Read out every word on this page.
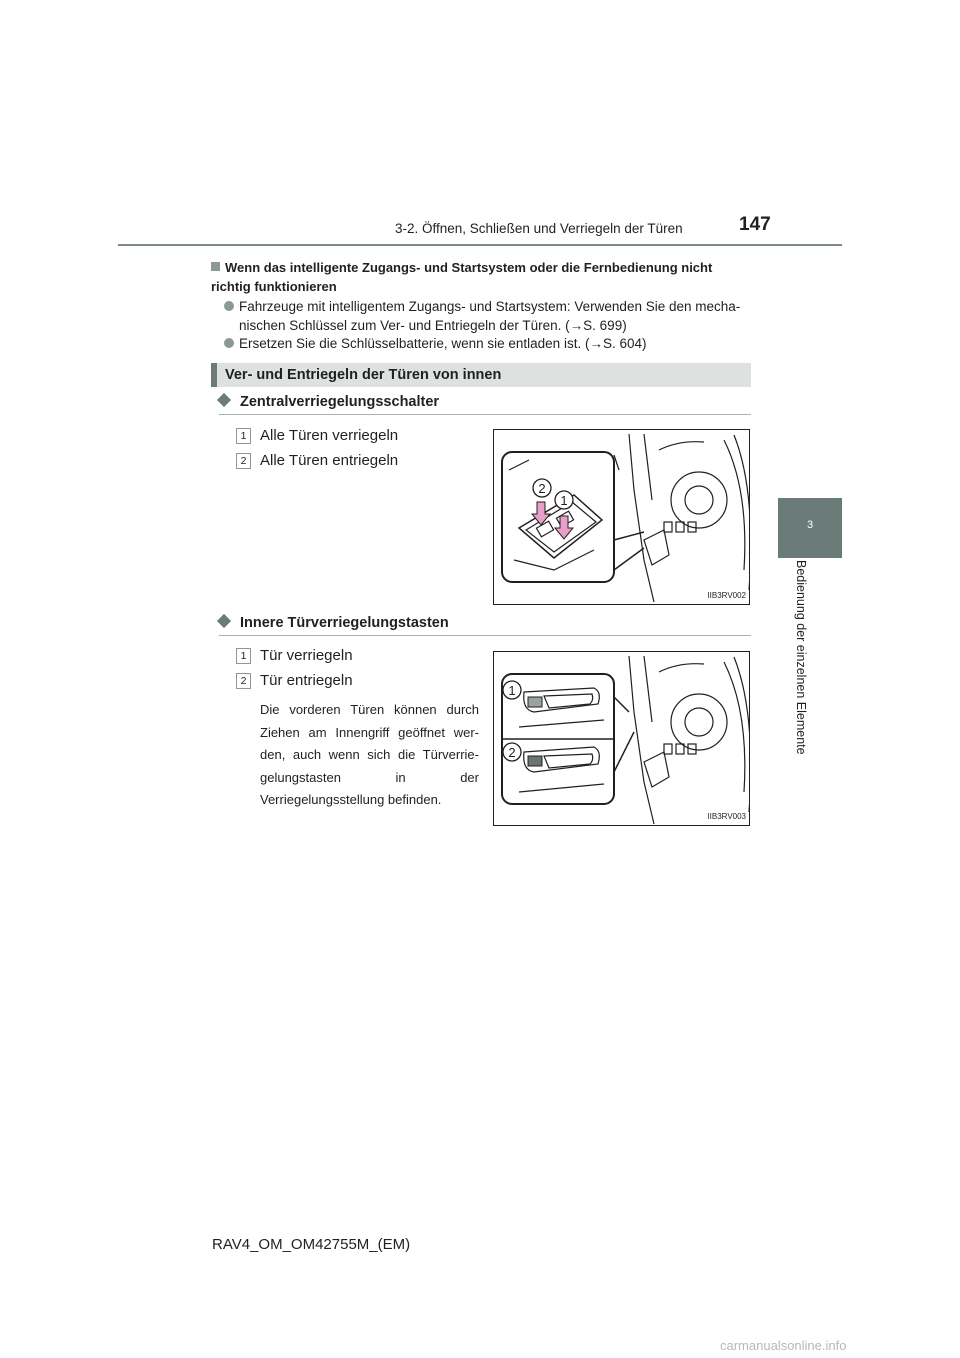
3-2. Öffnen, Schließen und Verriegeln der Türen	147
3
Bedienung der einzelnen Elemente
Wenn das intelligente Zugangs- und Startsystem oder die Fernbedienung nicht richtig funktionieren
Fahrzeuge mit intelligentem Zugangs- und Startsystem: Verwenden Sie den mecha- nischen Schlüssel zum Ver- und Entriegeln der Türen. (→S. 699)
Ersetzen Sie die Schlüsselbatterie, wenn sie entladen ist. (→S. 604)
Ver- und Entriegeln der Türen von innen
Zentralverriegelungsschalter
1 Alle Türen verriegeln
2 Alle Türen entriegeln
2
1
IIB3RV002
Innere Türverriegelungstasten
1 Tür verriegeln
2 Tür entriegeln
Die vorderen Türen können durch Ziehen am Innengriff geöffnet wer- den, auch wenn sich die Türverrie- gelungstasten in der Verriegelungsstellung befinden.
1
2
IIB3RV003
RAV4_OM_OM42755M_(EM)
carmanualsonline.info
